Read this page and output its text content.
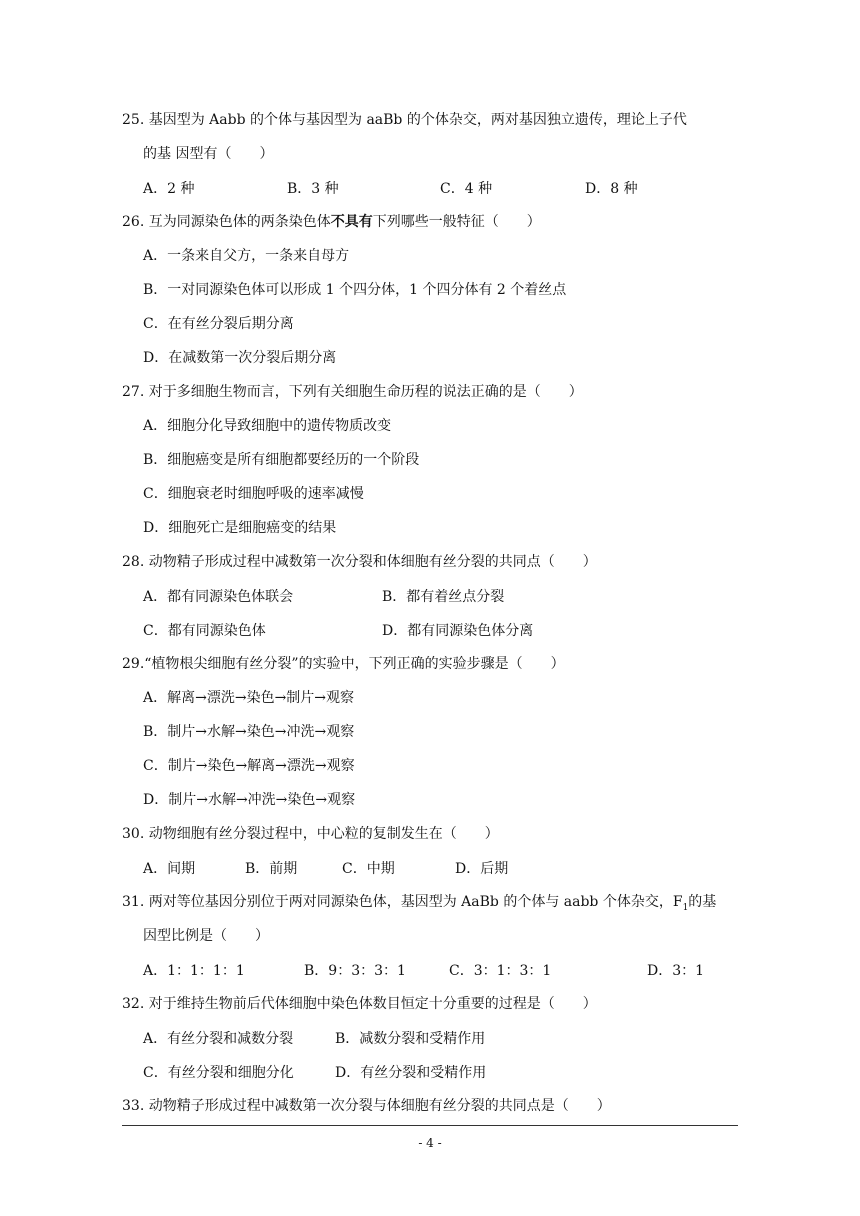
25. 基因型为 Aabb 的个体与基因型为 aaBb 的个体杂交，两对基因独立遗传，理论上子代
的基 因型有（　　）
A．2 种	B．3 种	C．4 种	D．8 种
26. 互为同源染色体的两条染色体不具有下列哪些一般特征（　　）
A．一条来自父方，一条来自母方
B．一对同源染色体可以形成 1 个四分体，1 个四分体有 2 个着丝点
C．在有丝分裂后期分离
D．在减数第一次分裂后期分离
27. 对于多细胞生物而言，下列有关细胞生命历程的说法正确的是（　　）
A．细胞分化导致细胞中的遗传物质改变
B．细胞癌变是所有细胞都要经历的一个阶段
C．细胞衰老时细胞呼吸的速率减慢
D．细胞死亡是细胞癌变的结果
28. 动物精子形成过程中减数第一次分裂和体细胞有丝分裂的共同点（　　）
A．都有同源染色体联会	B．都有着丝点分裂
C．都有同源染色体	D．都有同源染色体分离
29.“植物根尖细胞有丝分裂”的实验中，下列正确的实验步骤是（　　）
A．解离→漂洗→染色→制片→观察
B．制片→水解→染色→冲洗→观察
C．制片→染色→解离→漂洗→观察
D．制片→水解→冲洗→染色→观察
30. 动物细胞有丝分裂过程中，中心粒的复制发生在（　　）
A．间期	B．前期	C．中期	D．后期
31. 两对等位基因分别位于两对同源染色体，基因型为 AaBb 的个体与 aabb 个体杂交，$F_1$的基
因型比例是（　　）
A．1：1：1：1	B．9：3：3：1	C．3：1：3：1	D．3：1
32. 对于维持生物前后代体细胞中染色体数目恒定十分重要的过程是（　　）
A．有丝分裂和减数分裂	B．减数分裂和受精作用
C．有丝分裂和细胞分化	D．有丝分裂和受精作用
33. 动物精子形成过程中减数第一次分裂与体细胞有丝分裂的共同点是（　　）
- 4 -
